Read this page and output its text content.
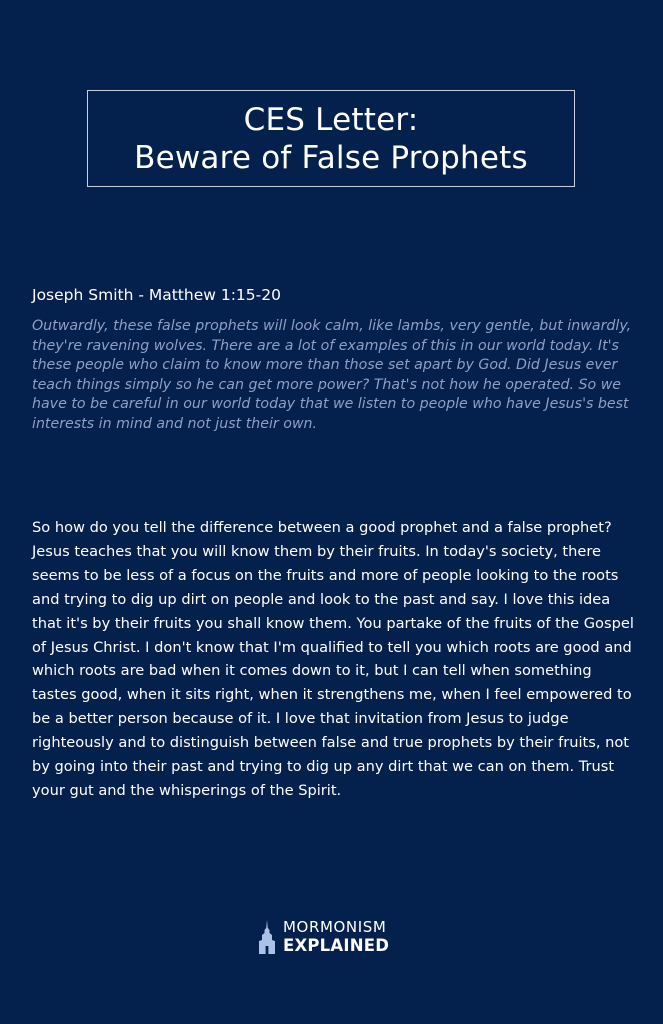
CES Letter:
Beware of False Prophets
Joseph Smith - Matthew 1:15-20
Outwardly, these false prophets will look calm, like lambs, very gentle, but inwardly, they're ravening wolves. There are a lot of examples of this in our world today. It's these people who claim to know more than those set apart by God. Did Jesus ever teach things simply so he can get more power? That's not how he operated. So we have to be careful in our world today that we listen to people who have Jesus's best interests in mind and not just their own.
So how do you tell the difference between a good prophet and a false prophet? Jesus teaches that you will know them by their fruits. In today's society, there seems to be less of a focus on the fruits and more of people looking to the roots and trying to dig up dirt on people and look to the past and say. I love this idea that it's by their fruits you shall know them. You partake of the fruits of the Gospel of Jesus Christ. I don't know that I'm qualified to tell you which roots are good and which roots are bad when it comes down to it, but I can tell when something tastes good, when it sits right, when it strengthens me, when I feel empowered to be a better person because of it. I love that invitation from Jesus to judge righteously and to distinguish between false and true prophets by their fruits, not by going into their past and trying to dig up any dirt that we can on them. Trust your gut and the whisperings of the Spirit.
MORMONISM
EXPLAINED
